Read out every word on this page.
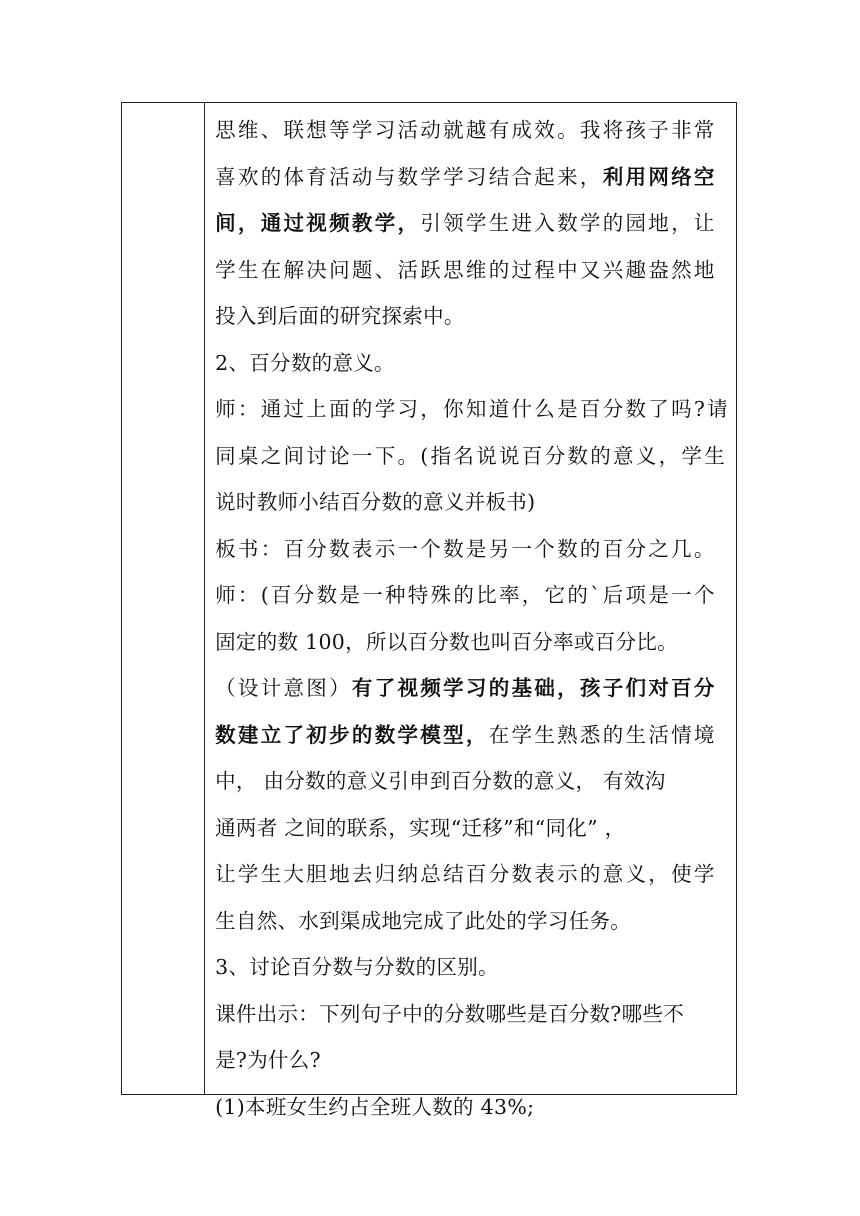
思维、联想等学习活动就越有成效。我将孩子非常
喜欢的体育活动与数学学习结合起来，利用网络空
间，通过视频教学，引领学生进入数学的园地，让
学生在解决问题、活跃思维的过程中又兴趣盎然地
投入到后面的研究探索中。
2、百分数的意义。
师：通过上面的学习，你知道什么是百分数了吗?请
同桌之间讨论一下。(指名说说百分数的意义，学生
说时教师小结百分数的意义并板书)
板书：百分数表示一个数是另一个数的百分之几。
师：(百分数是一种特殊的比率，它的`后项是一个
固定的数 100，所以百分数也叫百分率或百分比。
（设计意图）有了视频学习的基础，孩子们对百分
数建立了初步的数学模型，在学生熟悉的生活情境
中， 由分数的意义引申到百分数的意义， 有效沟
通两者 之间的联系，实现“迁移”和“同化” ，
让学生大胆地去归纳总结百分数表示的意义，使学
生自然、水到渠成地完成了此处的学习任务。
3、讨论百分数与分数的区别。
课件出示：下列句子中的分数哪些是百分数?哪些不
是?为什么?
(1)本班女生约占全班人数的 43%;
